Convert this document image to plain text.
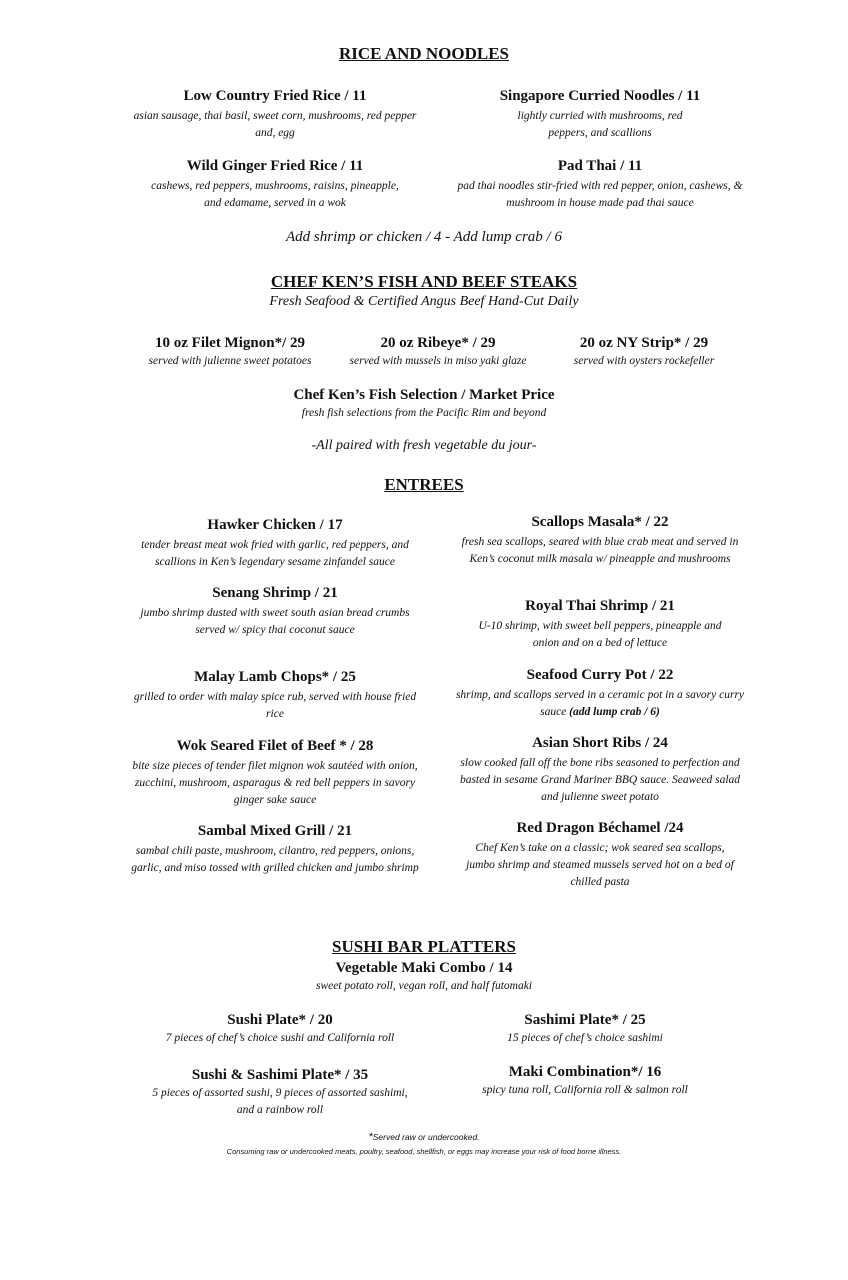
RICE AND NOODLES
Low Country Fried Rice / 11
asian sausage, thai basil, sweet corn, mushrooms, red pepper and, egg
Singapore Curried Noodles / 11
lightly curried with mushrooms, red peppers, and scallions
Wild Ginger Fried Rice / 11
cashews, red peppers, mushrooms, raisins, pineapple, and edamame, served in a wok
Pad Thai / 11
pad thai noodles stir-fried with red pepper, onion, cashews, & mushroom in house made pad thai sauce
Add shrimp or chicken / 4 - Add lump crab / 6
CHEF KEN’S FISH AND BEEF STEAKS
Fresh Seafood & Certified Angus Beef Hand-Cut Daily
10 oz Filet Mignon*/ 29
served with julienne sweet potatoes
20 oz Ribeye* / 29
served with mussels in miso yaki glaze
20 oz NY Strip* / 29
served with oysters rockefeller
Chef Ken’s Fish Selection / Market Price
fresh fish selections from the Pacific Rim and beyond
-All paired with fresh vegetable du jour-
ENTREES
Hawker Chicken / 17
tender breast meat wok fried with garlic, red peppers, and scallions in Ken’s legendary sesame zinfandel sauce
Scallops Masala* / 22
fresh sea scallops, seared with blue crab meat and served in Ken’s coconut milk masala w/ pineapple and mushrooms
Senang Shrimp / 21
jumbo shrimp dusted with sweet south asian bread crumbs served w/ spicy thai coconut sauce
Royal Thai Shrimp / 21
U-10 shrimp, with sweet bell peppers, pineapple and onion and on a bed of lettuce
Malay Lamb Chops* / 25
grilled to order with malay spice rub, served with house fried rice
Seafood Curry Pot / 22
shrimp, and scallops served in a ceramic pot in a savory curry sauce (add lump crab / 6)
Wok Seared Filet of Beef * / 28
bite size pieces of tender filet mignon wok sautéed with onion, zucchini, mushroom, asparagus & red bell peppers in savory ginger sake sauce
Asian Short Ribs / 24
slow cooked fall off the bone ribs seasoned to perfection and basted in sesame Grand Mariner BBQ sauce. Seaweed salad and julienne sweet potato
Sambal Mixed Grill / 21
sambal chili paste, mushroom, cilantro, red peppers, onions, garlic, and miso tossed with grilled chicken and jumbo shrimp
Red Dragon Béchamel /24
Chef Ken’s take on a classic; wok seared sea scallops, jumbo shrimp and steamed mussels served hot on a bed of chilled pasta
SUSHI BAR PLATTERS
Vegetable Maki Combo / 14
sweet potato roll, vegan roll, and half futomaki
Sushi Plate* / 20
7 pieces of chef’s choice sushi and California roll
Sashimi Plate* / 25
15 pieces of chef’s choice sashimi
Sushi & Sashimi Plate* / 35
5 pieces of assorted sushi, 9 pieces of assorted sashimi, and a rainbow roll
Maki Combination*/ 16
spicy tuna roll, California roll & salmon roll
*Served raw or undercooked.
Consuming raw or undercooked meats, poultry, seafood, shellfish, or eggs may increase your risk of food borne illness.
